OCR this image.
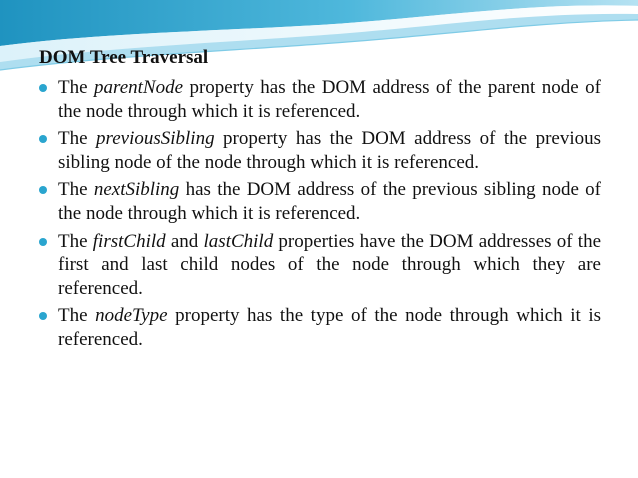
DOM Tree Traversal
The parentNode property has the DOM address of the parent node of the node through which it is referenced.
The previousSibling property has the DOM address of the previous sibling node of the node through which it is referenced.
The nextSibling has the DOM address of the previous sibling node of the node through which it is referenced.
The firstChild and lastChild properties have the DOM addresses of the first and last child nodes of the node through which they are referenced.
The nodeType property has the type of the node through which it is referenced.
